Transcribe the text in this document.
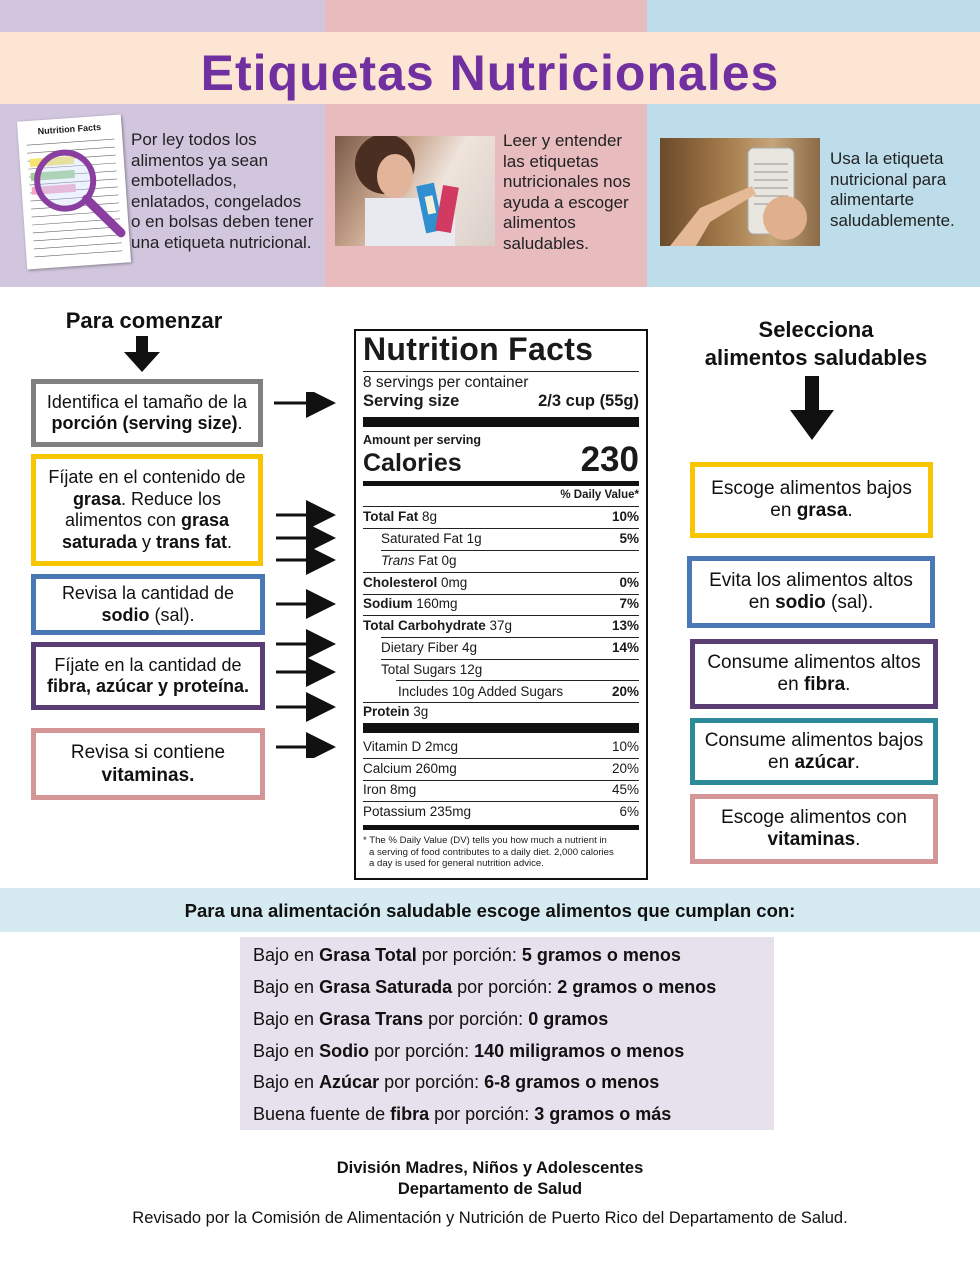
Etiquetas Nutricionales
Nutrition Facts
Por ley todos los
alimentos ya sean
embotellados,
enlatados, congelados
o en bolsas deben tener
una etiqueta nutricional.
Leer y entender
las etiquetas
nutricionales nos
ayuda a escoger
alimentos
saludables.
Usa la etiqueta
nutricional para
alimentarte
saludablemente.
Para comenzar
Identifica el tamaño de la
porción (serving size).
Fíjate en el contenido de
grasa. Reduce los
alimentos con grasa
saturada y trans fat.
Revisa la cantidad de
sodio (sal).
Fíjate en la cantidad de
fibra, azúcar y proteína.
Revisa si contiene
vitaminas.
Nutrition Facts
8 servings per container
Serving size	2/3 cup (55g)
Amount per serving
Calories	230
% Daily Value*
Total Fat 8g	10%
Saturated Fat 1g	5%
Trans Fat 0g
Cholesterol 0mg	0%
Sodium 160mg	7%
Total Carbohydrate 37g	13%
Dietary Fiber 4g	14%
Total Sugars 12g
Includes 10g Added Sugars	20%
Protein 3g
Vitamin D 2mcg	10%
Calcium 260mg	20%
Iron 8mg	45%
Potassium 235mg	6%
* The % Daily Value (DV) tells you how much a nutrient in
a serving of food contributes to a daily diet. 2,000 calories
a day is used for general nutrition advice.
Selecciona
alimentos saludables
Escoge alimentos bajos
en grasa.
Evita los alimentos altos
en sodio (sal).
Consume alimentos altos
en fibra.
Consume alimentos bajos
en azúcar.
Escoge alimentos con
vitaminas.
Para una alimentación saludable escoge alimentos que cumplan con:
Bajo en Grasa Total por porción: 5 gramos o menos
Bajo en Grasa Saturada por porción: 2 gramos o menos
Bajo en Grasa Trans por porción: 0 gramos
Bajo en Sodio por porción: 140 miligramos o menos
Bajo en Azúcar por porción: 6-8 gramos o menos
Buena fuente de fibra por porción: 3 gramos o más
División Madres, Niños y Adolescentes
Departamento de Salud
Revisado por la Comisión de Alimentación y Nutrición de Puerto Rico del Departamento de Salud.
